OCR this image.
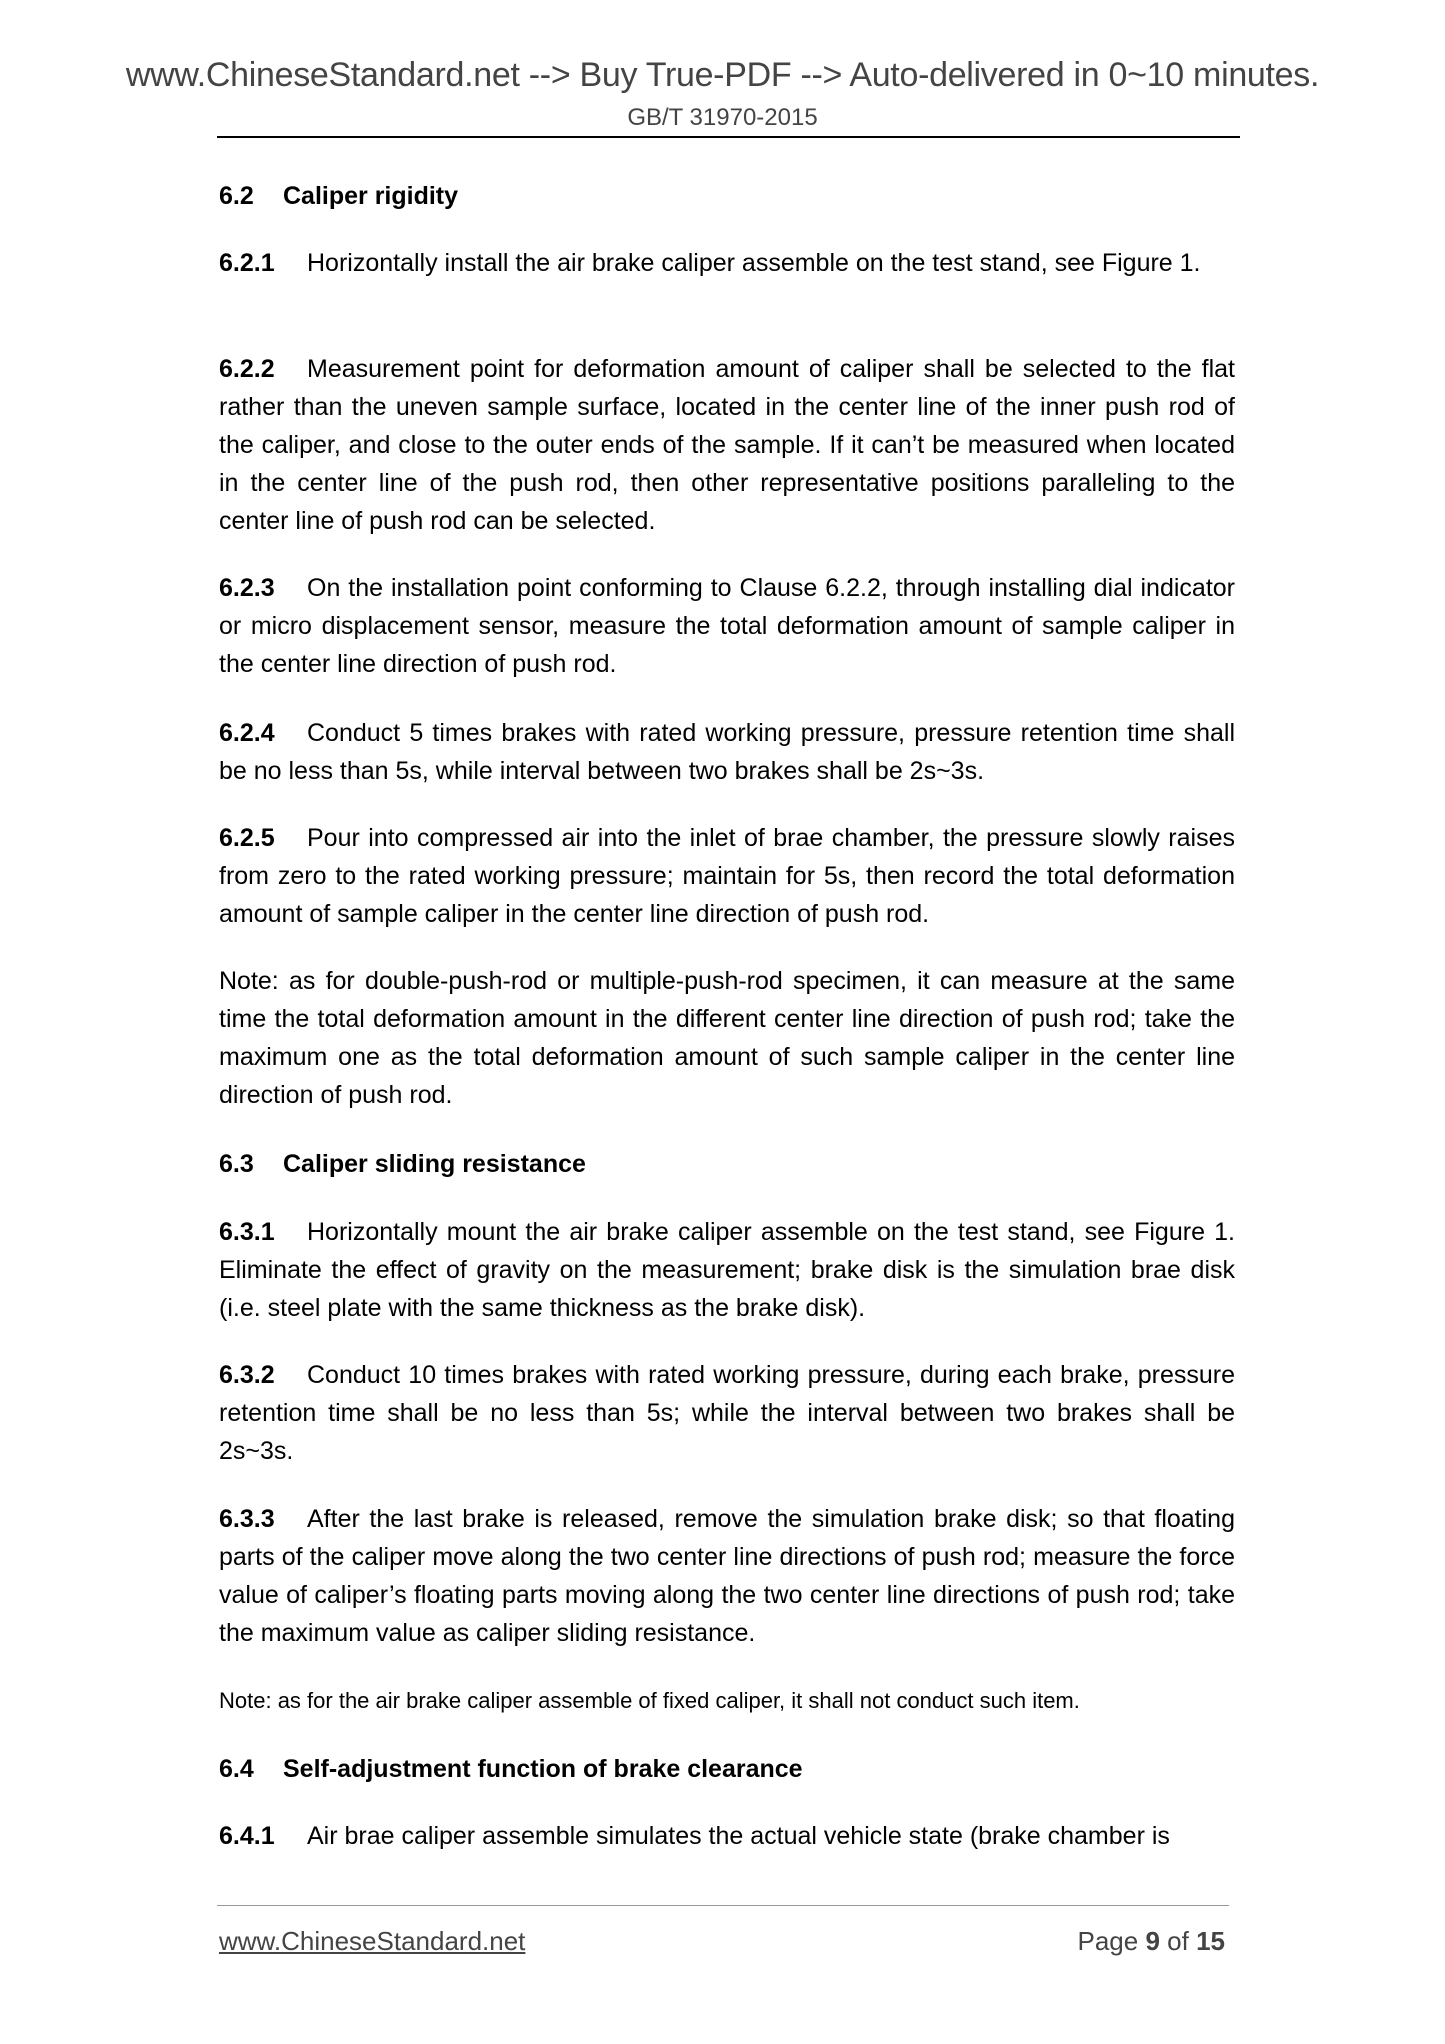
www.ChineseStandard.net --> Buy True-PDF --> Auto-delivered in 0~10 minutes.
GB/T 31970-2015
6.2 Caliper rigidity
6.2.1 Horizontally install the air brake caliper assemble on the test stand, see Figure 1.
6.2.2 Measurement point for deformation amount of caliper shall be selected to the flat rather than the uneven sample surface, located in the center line of the inner push rod of the caliper, and close to the outer ends of the sample. If it can’t be measured when located in the center line of the push rod, then other representative positions paralleling to the center line of push rod can be selected.
6.2.3 On the installation point conforming to Clause 6.2.2, through installing dial indicator or micro displacement sensor, measure the total deformation amount of sample caliper in the center line direction of push rod.
6.2.4 Conduct 5 times brakes with rated working pressure, pressure retention time shall be no less than 5s, while interval between two brakes shall be 2s~3s.
6.2.5 Pour into compressed air into the inlet of brae chamber, the pressure slowly raises from zero to the rated working pressure; maintain for 5s, then record the total deformation amount of sample caliper in the center line direction of push rod.
Note: as for double-push-rod or multiple-push-rod specimen, it can measure at the same time the total deformation amount in the different center line direction of push rod; take the maximum one as the total deformation amount of such sample caliper in the center line direction of push rod.
6.3 Caliper sliding resistance
6.3.1 Horizontally mount the air brake caliper assemble on the test stand, see Figure 1. Eliminate the effect of gravity on the measurement; brake disk is the simulation brae disk (i.e. steel plate with the same thickness as the brake disk).
6.3.2 Conduct 10 times brakes with rated working pressure, during each brake, pressure retention time shall be no less than 5s; while the interval between two brakes shall be 2s~3s.
6.3.3 After the last brake is released, remove the simulation brake disk; so that floating parts of the caliper move along the two center line directions of push rod; measure the force value of caliper’s floating parts moving along the two center line directions of push rod; take the maximum value as caliper sliding resistance.
Note: as for the air brake caliper assemble of fixed caliper, it shall not conduct such item.
6.4 Self-adjustment function of brake clearance
6.4.1 Air brae caliper assemble simulates the actual vehicle state (brake chamber is
www.ChineseStandard.net	Page 9 of 15
